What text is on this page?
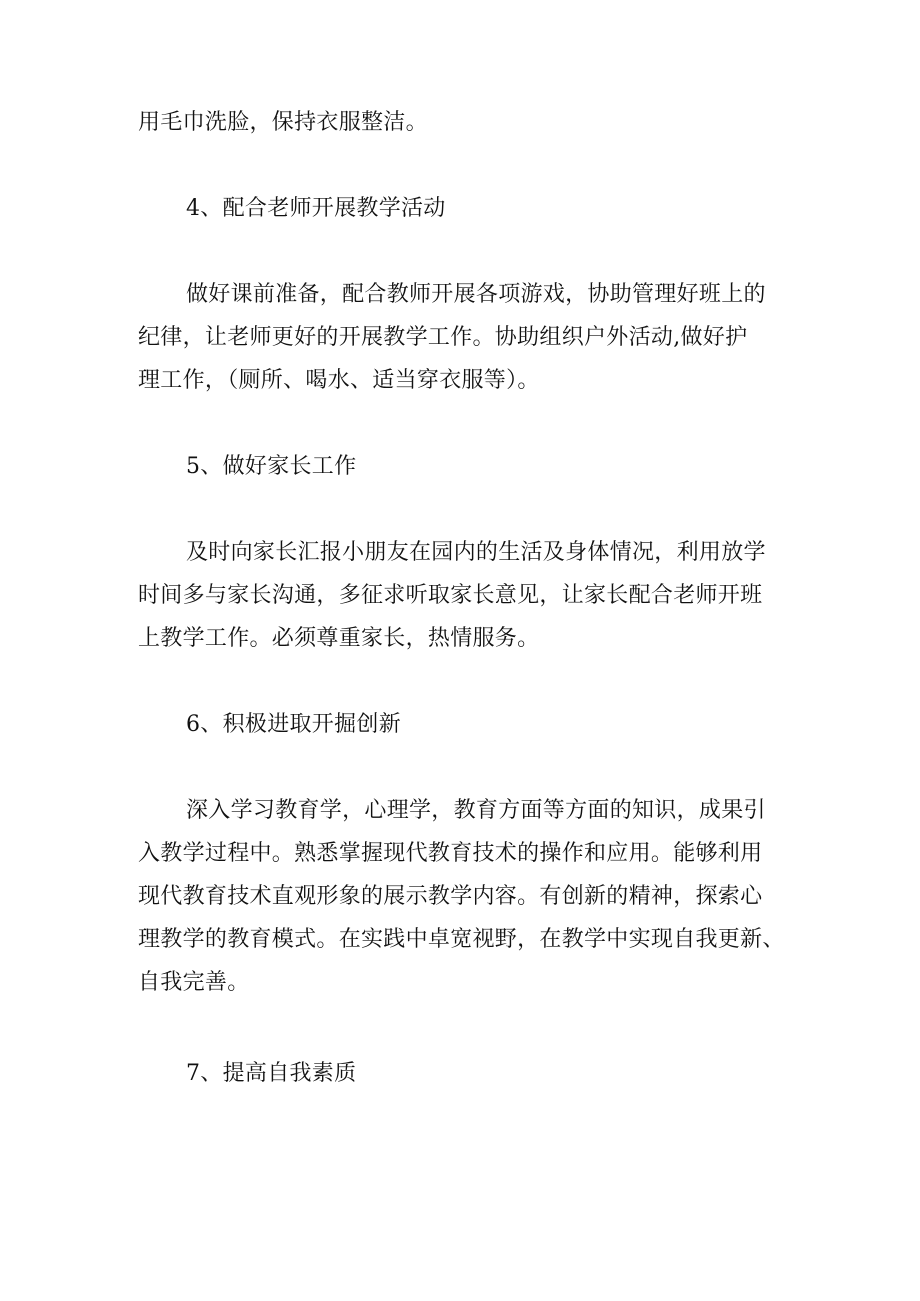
用毛巾洗脸，保持衣服整洁。
4、配合老师开展教学活动
做好课前准备，配合教师开展各项游戏，协助管理好班上的
纪律，让老师更好的开展教学工作。协助组织户外活动,做好护
理工作，（厕所、喝水、适当穿衣服等）。
5、做好家长工作
及时向家长汇报小朋友在园内的生活及身体情况，利用放学
时间多与家长沟通，多征求听取家长意见，让家长配合老师开班
上教学工作。必须尊重家长，热情服务。
6、积极进取开掘创新
深入学习教育学，心理学，教育方面等方面的知识，成果引
入教学过程中。熟悉掌握现代教育技术的操作和应用。能够利用
现代教育技术直观形象的展示教学内容。有创新的精神，探索心
理教学的教育模式。在实践中卓宽视野，在教学中实现自我更新、
自我完善。
7、提高自我素质
